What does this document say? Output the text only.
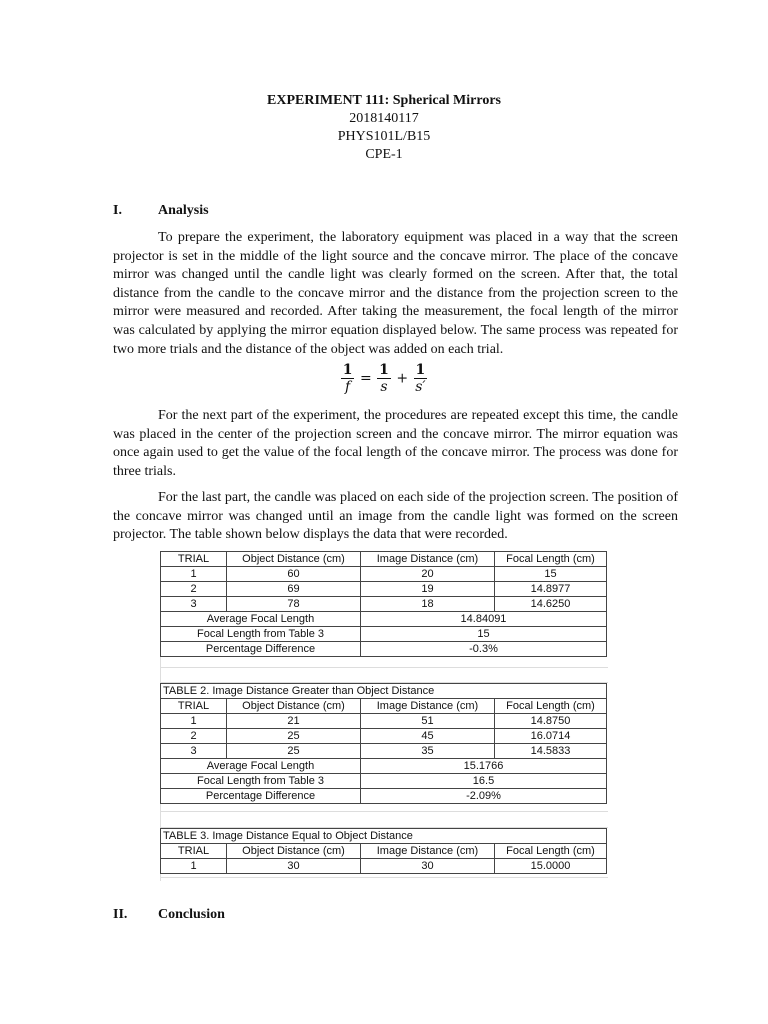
EXPERIMENT 111: Spherical Mirrors
2018140117
PHYS101L/B15
CPE-1
I.	Analysis

To prepare the experiment, the laboratory equipment was placed in a way that the screen projector is set in the middle of the light source and the concave mirror. The place of the concave mirror was changed until the candle light was clearly formed on the screen. After that, the total distance from the candle to the concave mirror and the distance from the projection screen to the mirror were measured and recorded. After taking the measurement, the focal length of the mirror was calculated by applying the mirror equation displayed below. The same process was repeated for two more trials and the distance of the object was added on each trial.

$\frac{1}{f} = \frac{1}{s} + \frac{1}{s'}$

For the next part of the experiment, the procedures are repeated except this time, the candle was placed in the center of the projection screen and the concave mirror. The mirror equation was once again used to get the value of the focal length of the concave mirror. The process was done for three trials.

For the last part, the candle was placed on each side of the projection screen. The position of the concave mirror was changed until an image from the candle light was formed on the screen projector. The table shown below displays the data that were recorded.

TRIAL	Object Distance (cm)	Image Distance (cm)	Focal Length (cm)
1	60	20	15
2	69	19	14.8977
3	78	18	14.6250
Average Focal Length		14.84091	
Focal Length from Table 3		15	
Percentage Difference		-0.3%	
TABLE 2. Image Distance Greater than Object Distance			
TRIAL	Object Distance (cm)	Image Distance (cm)	Focal Length (cm)
1	21	51	14.8750
2	25	45	16.0714
3	25	35	14.5833
Average Focal Length		15.1766	
Focal Length from Table 3		16.5	
Percentage Difference		-2.09%	
TABLE 3. Image Distance Equal to Object Distance			
TRIAL	Object Distance (cm)	Image Distance (cm)	Focal Length (cm)
1	30	30	15.0000
II. Conclusion
